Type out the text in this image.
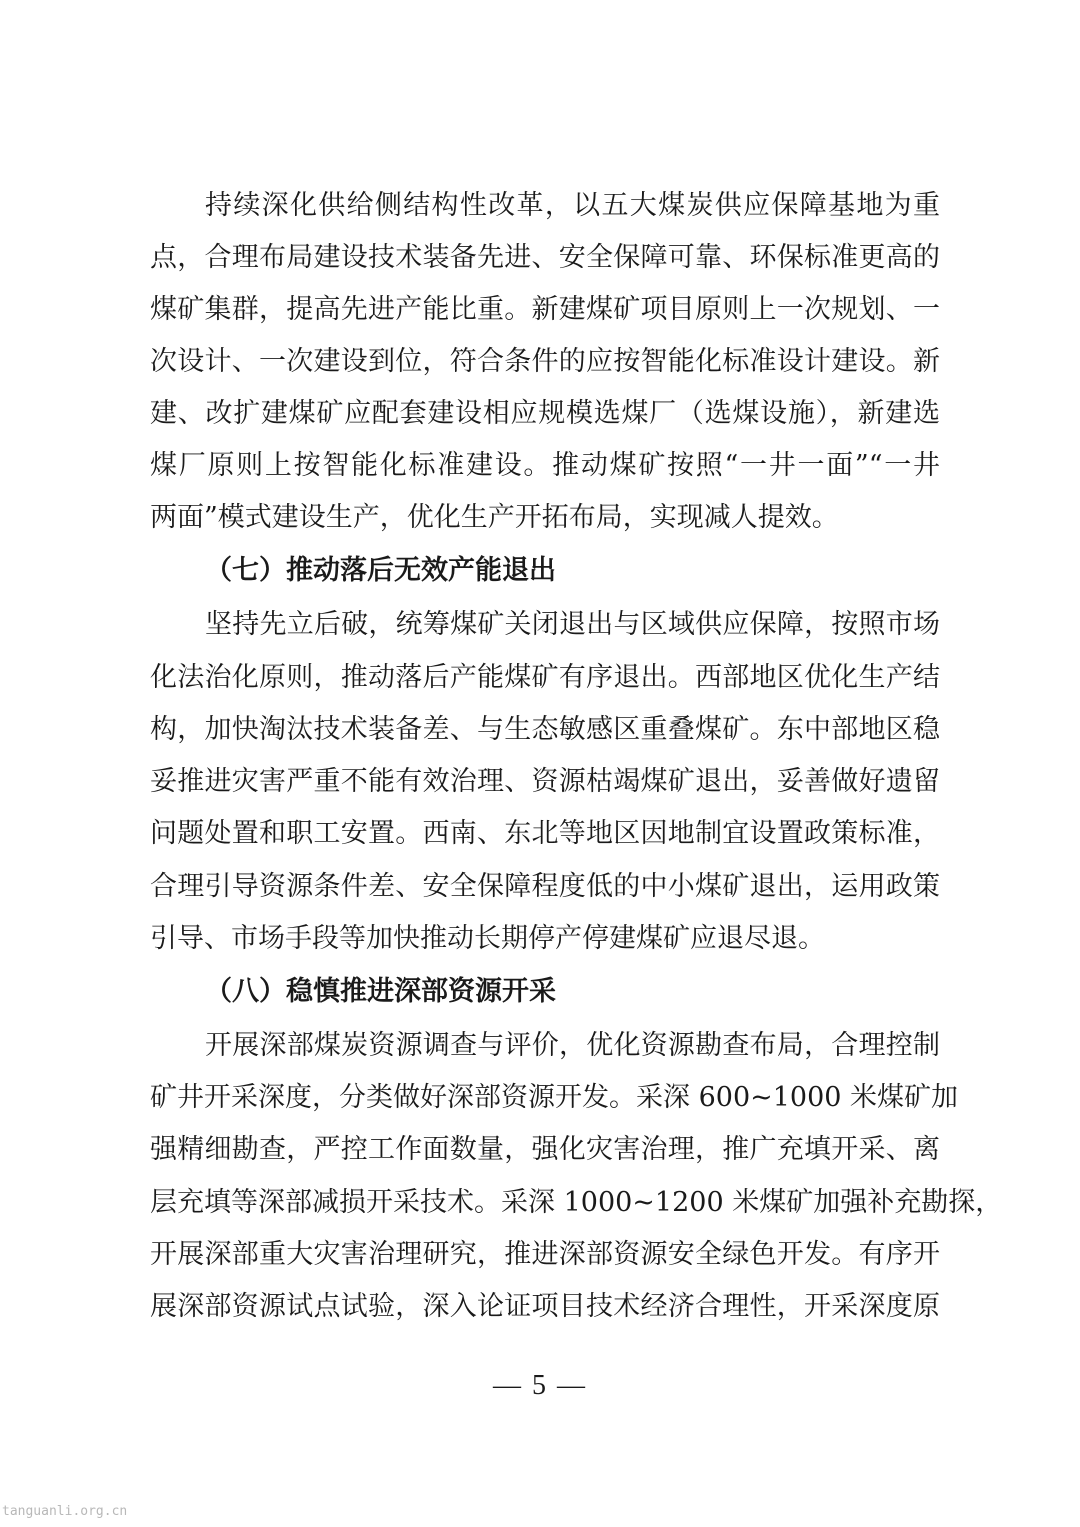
持续深化供给侧结构性改革，以五大煤炭供应保障基地为重
点，合理布局建设技术装备先进、安全保障可靠、环保标准更高的
煤矿集群，提高先进产能比重。新建煤矿项目原则上一次规划、一
次设计、一次建设到位，符合条件的应按智能化标准设计建设。新
建、改扩建煤矿应配套建设相应规模选煤厂（选煤设施），新建选
煤厂原则上按智能化标准建设。推动煤矿按照“一井一面”“一井
两面”模式建设生产，优化生产开拓布局，实现减人提效。
（七）推动落后无效产能退出
坚持先立后破，统筹煤矿关闭退出与区域供应保障，按照市场
化法治化原则，推动落后产能煤矿有序退出。西部地区优化生产结
构，加快淘汰技术装备差、与生态敏感区重叠煤矿。东中部地区稳
妥推进灾害严重不能有效治理、资源枯竭煤矿退出，妥善做好遗留
问题处置和职工安置。西南、东北等地区因地制宜设置政策标准，
合理引导资源条件差、安全保障程度低的中小煤矿退出，运用政策
引导、市场手段等加快推动长期停产停建煤矿应退尽退。
（八）稳慎推进深部资源开采
开展深部煤炭资源调查与评价，优化资源勘查布局，合理控制
矿井开采深度，分类做好深部资源开发。采深 600~1000 米煤矿加
强精细勘查，严控工作面数量，强化灾害治理，推广充填开采、离
层充填等深部减损开采技术。采深 1000~1200 米煤矿加强补充勘探，
开展深部重大灾害治理研究，推进深部资源安全绿色开发。有序开
展深部资源试点试验，深入论证项目技术经济合理性，开采深度原
— 5 —
tanguanli.org.cn
